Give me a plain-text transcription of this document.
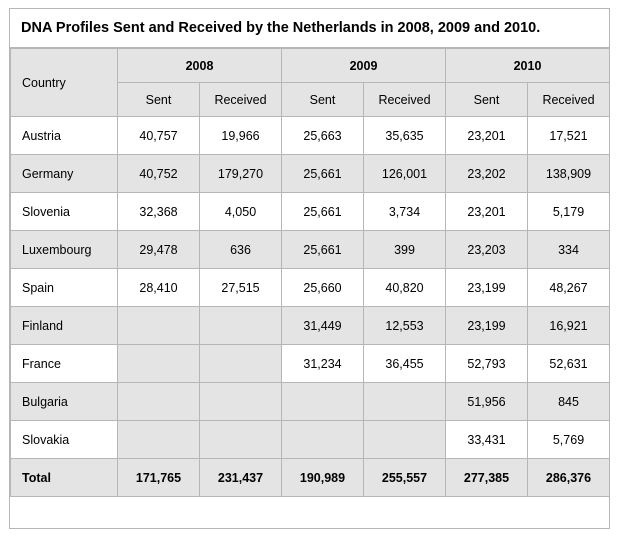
DNA Profiles Sent and Received by the Netherlands in 2008, 2009 and 2010.
Country	2008		2009		2010	
	Sent	Received	Sent	Received	Sent	Received
Austria	40,757	19,966	25,663	35,635	23,201	17,521
Germany	40,752	179,270	25,661	126,001	23,202	138,909
Slovenia	32,368	4,050	25,661	3,734	23,201	5,179
Luxembourg	29,478	636	25,661	399	23,203	334
Spain	28,410	27,515	25,660	40,820	23,199	48,267
Finland			31,449	12,553	23,199	16,921
France			31,234	36,455	52,793	52,631
Bulgaria					51,956	845
Slovakia					33,431	5,769
Total	171,765	231,437	190,989	255,557	277,385	286,376
